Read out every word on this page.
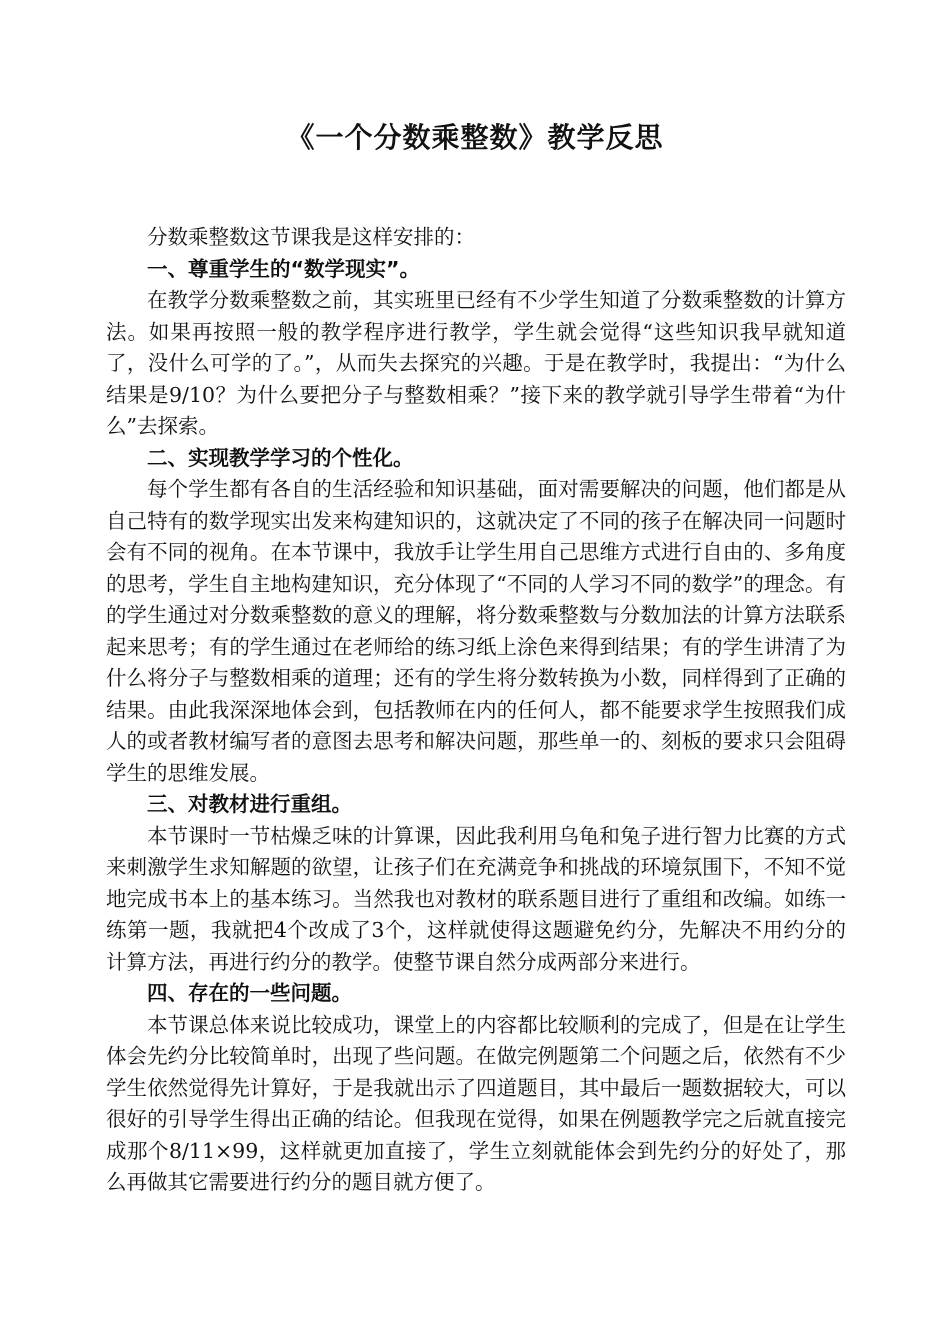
《一个分数乘整数》教学反思

分数乘整数这节课我是这样安排的：

一、尊重学生的“数学现实”。

在教学分数乘整数之前，其实班里已经有不少学生知道了分数乘整数的计算方法。如果再按照一般的教学程序进行教学，学生就会觉得“这些知识我早就知道了，没什么可学的了。”，从而失去探究的兴趣。于是在教学时，我提出：“为什么结果是9/10？为什么要把分子与整数相乘？”接下来的教学就引导学生带着“为什么”去探索。

二、实现教学学习的个性化。

每个学生都有各自的生活经验和知识基础，面对需要解决的问题，他们都是从自己特有的数学现实出发来构建知识的，这就决定了不同的孩子在解决同一问题时会有不同的视角。在本节课中，我放手让学生用自己思维方式进行自由的、多角度的思考，学生自主地构建知识，充分体现了“不同的人学习不同的数学”的理念。有的学生通过对分数乘整数的意义的理解，将分数乘整数与分数加法的计算方法联系起来思考；有的学生通过在老师给的练习纸上涂色来得到结果；有的学生讲清了为什么将分子与整数相乘的道理；还有的学生将分数转换为小数，同样得到了正确的结果。由此我深深地体会到，包括教师在内的任何人，都不能要求学生按照我们成人的或者教材编写者的意图去思考和解决问题，那些单一的、刻板的要求只会阻碍学生的思维发展。

三、对教材进行重组。

本节课时一节枯燥乏味的计算课，因此我利用乌龟和兔子进行智力比赛的方式来刺激学生求知解题的欲望，让孩子们在充满竞争和挑战的环境氛围下，不知不觉地完成书本上的基本练习。当然我也对教材的联系题目进行了重组和改编。如练一练第一题，我就把4个改成了3个，这样就使得这题避免约分，先解决不用约分的计算方法，再进行约分的教学。使整节课自然分成两部分来进行。

四、存在的一些问题。

本节课总体来说比较成功，课堂上的内容都比较顺利的完成了，但是在让学生体会先约分比较简单时，出现了些问题。在做完例题第二个问题之后，依然有不少学生依然觉得先计算好，于是我就出示了四道题目，其中最后一题数据较大，可以很好的引导学生得出正确的结论。但我现在觉得，如果在例题教学完之后就直接完成那个8/11×99，这样就更加直接了，学生立刻就能体会到先约分的好处了，那么再做其它需要进行约分的题目就方便了。
